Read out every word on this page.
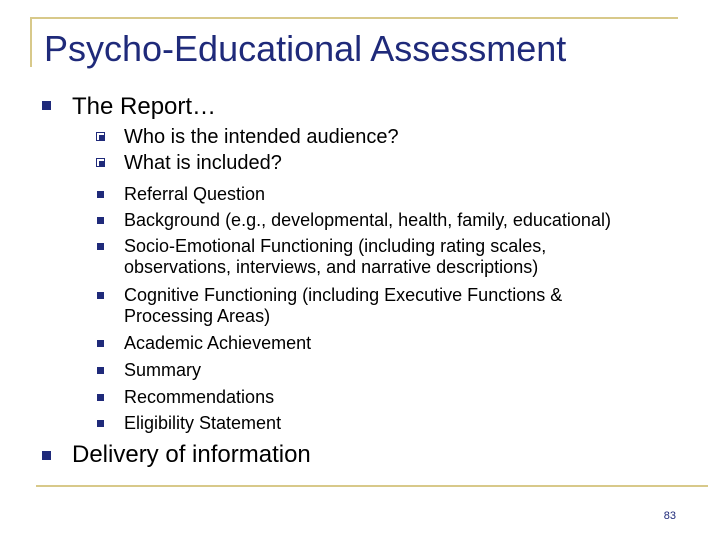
Psycho-Educational Assessment
The Report…
Who is the intended audience?
What is included?
Referral Question
Background (e.g., developmental, health, family, educational)
Socio-Emotional Functioning (including rating scales,
observations, interviews, and narrative descriptions)
Cognitive Functioning (including Executive Functions &
Processing Areas)
Academic Achievement
Summary
Recommendations
Eligibility Statement
Delivery of information
83
